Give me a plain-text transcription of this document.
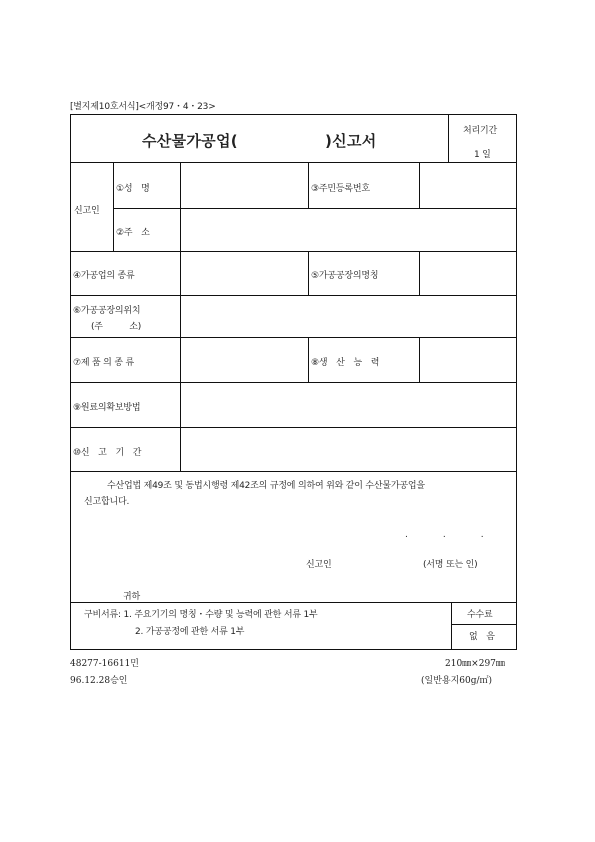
[별지제10호서식]<개정97・4・23>
수산물가공업(	)신고서
처리기간
1 일
신고인
①성　명	③주민등록번호
②주　소
④가공업의 종류	⑤가공공장의명칭
⑥가공공장의위치
(주　　　소)
⑦제 품 의 종 류	⑧생　산　능　력
⑨원료의확보방법
⑩신　고　기　간
수산업법 제49조 및 동법시행령 제42조의 규정에 의하여 위와 같이 수산물가공업을
신고합니다.
.　　　　.　　　　.
신고인	(서명 또는 인)
귀하
구비서류: 1. 주요기기의 명칭・수량 및 능력에 관한 서류 1부
2. 가공공정에 관한 서류 1부
수수료
없　음
48277-16611민
96.12.28승인
210㎜×297㎜
(일반용지60g/㎡)
